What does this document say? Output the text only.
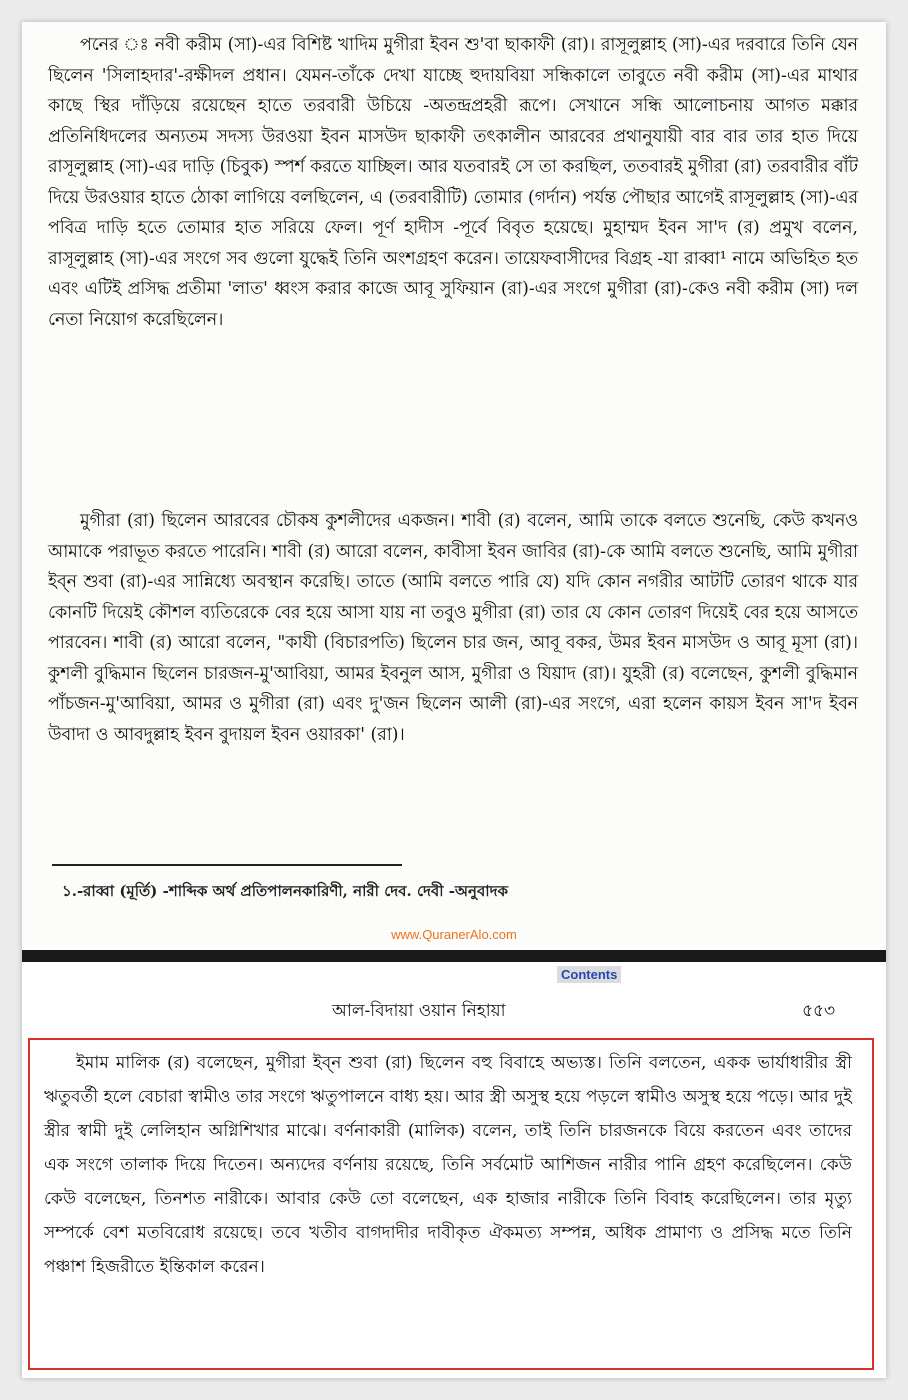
পনের ঃ নবী করীম (সা)-এর বিশিষ্ট খাদিম মুগীরা ইবন শু'বা ছাকাফী (রা)। রাসূলুল্লাহ (সা)-এর দরবারে তিনি যেন ছিলেন 'সিলাহদার'-রক্ষীদল প্রধান। যেমন-তাঁকে দেখা যাচ্ছে হুদায়বিয়া সন্ধিকালে তাবুতে নবী করীম (সা)-এর মাথার কাছে স্থির দাঁড়িয়ে রয়েছেন হাতে তরবারী উচিয়ে -অতন্দ্রপ্রহরী রূপে। সেখানে সন্ধি আলোচনায় আগত মক্কার প্রতিনিধিদলের অন্যতম সদস্য উরওয়া ইবন মাসউদ ছাকাফী তৎকালীন আরবের প্রথানুযায়ী বার বার তার হাত দিয়ে রাসূলুল্লাহ (সা)-এর দাড়ি (চিবুক) স্পর্শ করতে যাচ্ছিল। আর যতবারই সে তা করছিল, ততবারই মুগীরা (রা) তরবারীর বাঁট দিয়ে উরওয়ার হাতে ঠোকা লাগিয়ে বলছিলেন, এ (তরবারীটি) তোমার (গর্দান) পর্যন্ত পৌছার আগেই রাসূলুল্লাহ (সা)-এর পবিত্র দাড়ি হতে তোমার হাত সরিয়ে ফেল। পূর্ণ হাদীস -পূর্বে বিবৃত হয়েছে। মুহাম্মদ ইবন সা'দ (র) প্রমুখ বলেন, রাসূলুল্লাহ (সা)-এর সংগে সব গুলো যুদ্ধেই তিনি অংশগ্রহণ করেন। তায়েফবাসীদের বিগ্রহ -যা রাব্বা¹ নামে অভিহিত হত এবং এটিই প্রসিদ্ধ প্রতীমা 'লাত' ধ্বংস করার কাজে আবূ সুফিয়ান (রা)-এর সংগে মুগীরা (রা)-কেও নবী করীম (সা) দল নেতা নিয়োগ করেছিলেন।

মুগীরা (রা) ছিলেন আরবের চৌকষ কুশলীদের একজন। শাবী (র) বলেন, আমি তাকে বলতে শুনেছি, কেউ কখনও আমাকে পরাভূত করতে পারেনি। শাবী (র) আরো বলেন, কাবীসা ইবন জাবির (রা)-কে আমি বলতে শুনেছি, আমি মুগীরা ইব্ন শুবা (রা)-এর সান্নিধ্যে অবস্থান করেছি। তাতে (আমি বলতে পারি যে) যদি কোন নগরীর আটটি তোরণ থাকে যার কোনটি দিয়েই কৌশল ব্যতিরেকে বের হয়ে আসা যায় না তবুও মুগীরা (রা) তার যে কোন তোরণ দিয়েই বের হয়ে আসতে পারবেন। শাবী (র) আরো বলেন, "কাযী (বিচারপতি) ছিলেন চার জন, আবূ বকর, উমর ইবন মাসউদ ও আবূ মূসা (রা)। কুশলী বুদ্ধিমান ছিলেন চারজন-মু'আবিয়া, আমর ইবনুল আস, মুগীরা ও যিয়াদ (রা)। যুহরী (র) বলেছেন, কুশলী বুদ্ধিমান পাঁচজন-মু'আবিয়া, আমর ও মুগীরা (রা) এবং দু'জন ছিলেন আলী (রা)-এর সংগে, এরা হলেন কায়স ইবন সা'দ ইবন উবাদা ও আবদুল্লাহ ইবন বুদায়ল ইবন ওয়ারকা' (রা)।

১.-রাব্বা (মূর্তি) -শাব্দিক অর্থ প্রতিপালনকারিণী, নারী দেব. দেবী -অনুবাদক
www.QuranerAlo.com
Contents
আল-বিদায়া ওয়ান নিহায়া	৫৫৩

ইমাম মালিক (র) বলেছেন, মুগীরা ইব্ন শুবা (রা) ছিলেন বহু বিবাহে অভ্যস্ত। তিনি বলতেন, একক ভার্যাধারীর স্ত্রী ঋতুবর্তী হলে বেচারা স্বামীও তার সংগে ঋতুপালনে বাধ্য হয়। আর স্ত্রী অসুস্থ হয়ে পড়লে স্বামীও অসুস্থ হয়ে পড়ে। আর দুই স্ত্রীর স্বামী দুই লেলিহান অগ্নিশিখার মাঝে। বর্ণনাকারী (মালিক) বলেন, তাই তিনি চারজনকে বিয়ে করতেন এবং তাদের এক সংগে তালাক দিয়ে দিতেন। অন্যদের বর্ণনায় রয়েছে, তিনি সর্বমোট আশিজন নারীর পানি গ্রহণ করেছিলেন। কেউ কেউ বলেছেন, তিনশত নারীকে। আবার কেউ তো বলেছেন, এক হাজার নারীকে তিনি বিবাহ করেছিলেন। তার মৃত্যু সম্পর্কে বেশ মতবিরোধ রয়েছে। তবে খতীব বাগদাদীর দাবীকৃত ঐকমত্য সম্পন্ন, অধিক প্রামাণ্য ও প্রসিদ্ধ মতে তিনি পঞ্চাশ হিজরীতে ইন্তিকাল করেন।
